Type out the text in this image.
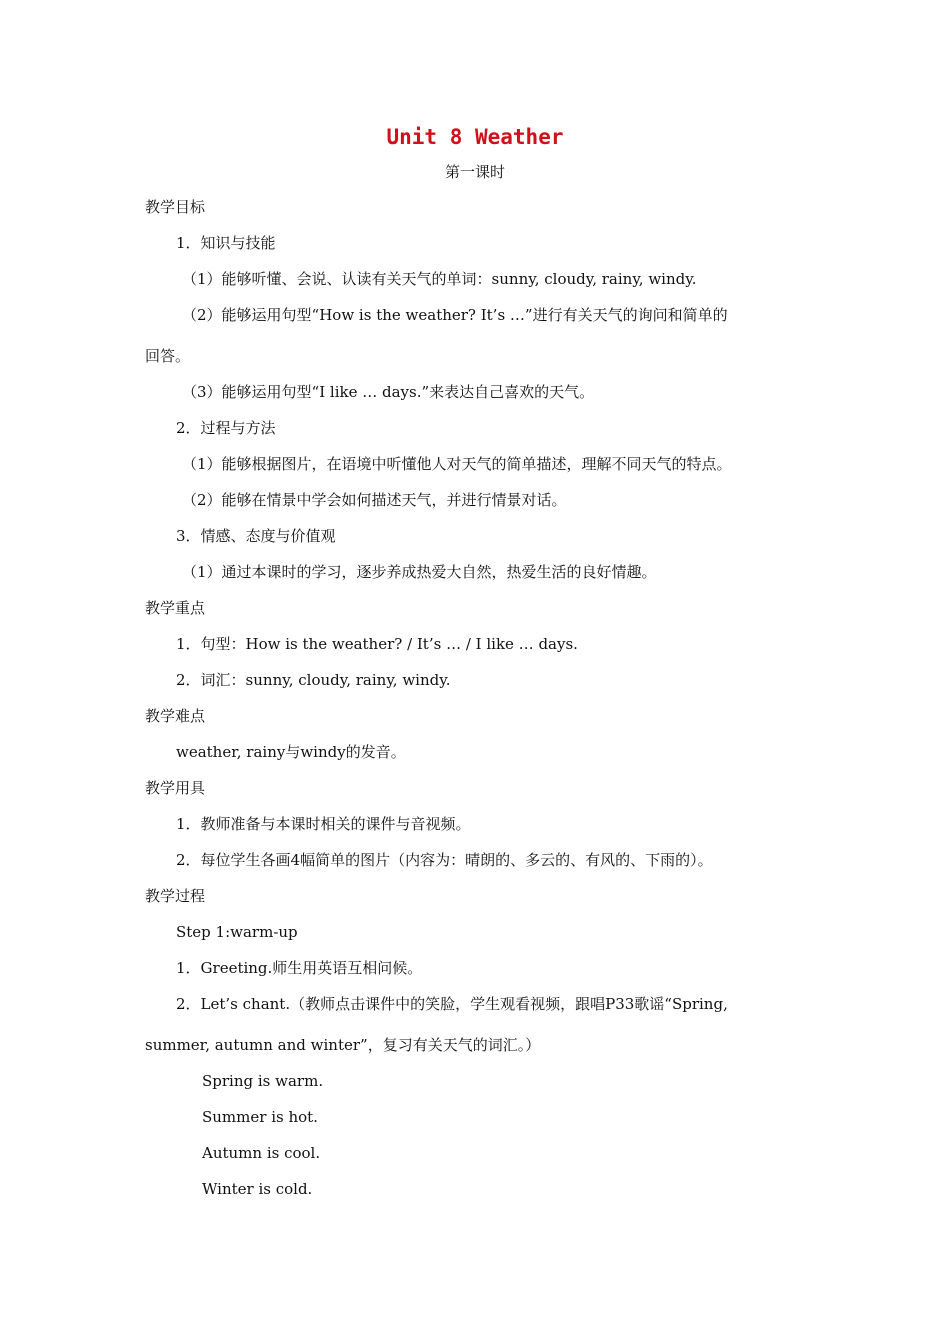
Unit 8 Weather
第一课时
教学目标
1．知识与技能
（1）能够听懂、会说、认读有关天气的单词：sunny, cloudy, rainy, windy.
（2）能够运用句型“How is the weather? It’s …”进行有关天气的询问和简单的
回答。
（3）能够运用句型“I like … days.”来表达自己喜欢的天气。
2．过程与方法
（1）能够根据图片，在语境中听懂他人对天气的简单描述，理解不同天气的特点。
（2）能够在情景中学会如何描述天气，并进行情景对话。
3．情感、态度与价值观
（1）通过本课时的学习，逐步养成热爱大自然，热爱生活的良好情趣。
教学重点
1．句型：How is the weather? / It’s … / I like … days.
2．词汇：sunny, cloudy, rainy, windy.
教学难点
weather, rainy与windy的发音。
教学用具
1．教师准备与本课时相关的课件与音视频。
2．每位学生各画4幅简单的图片（内容为：晴朗的、多云的、有风的、下雨的）。
教学过程
Step 1:warm-up
1．Greeting.师生用英语互相问候。
2．Let’s chant.（教师点击课件中的笑脸，学生观看视频，跟唱P33歌谣“Spring,
summer, autumn and winter”，复习有关天气的词汇。）
Spring is warm.
Summer is hot.
Autumn is cool.
Winter is cold.
